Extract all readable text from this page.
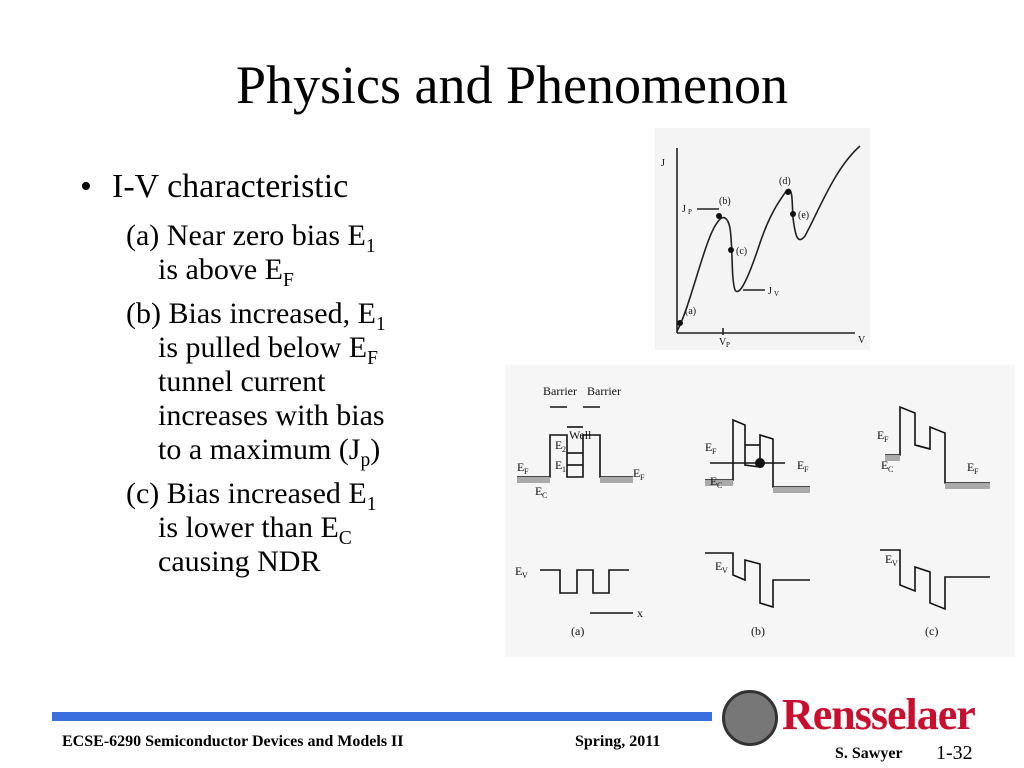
Physics and Phenomenon
• I-V characteristic
(a) Near zero bias $E_1$
is above $E_F$
(b) Bias increased, $E_1$
is pulled below $E_F$
tunnel current
increases with bias
to a maximum $(J_p)$
(c) Bias increased $E_1$
is lower than $E_C$
causing NDR
J
V
V P
J P
J V
(a)
(b)
(c)
(d)
(e)
Barrier Barrier
Well
E 2
E 1
E F	E F
E C
E V
x
E F
E C
E F
E V
E F
E C	E F
E V
(a)	(b)	(c)
ECSE-6290 Semiconductor Devices and Models II	Spring, 2011
S. Sawyer 1-32
Rensselaer
